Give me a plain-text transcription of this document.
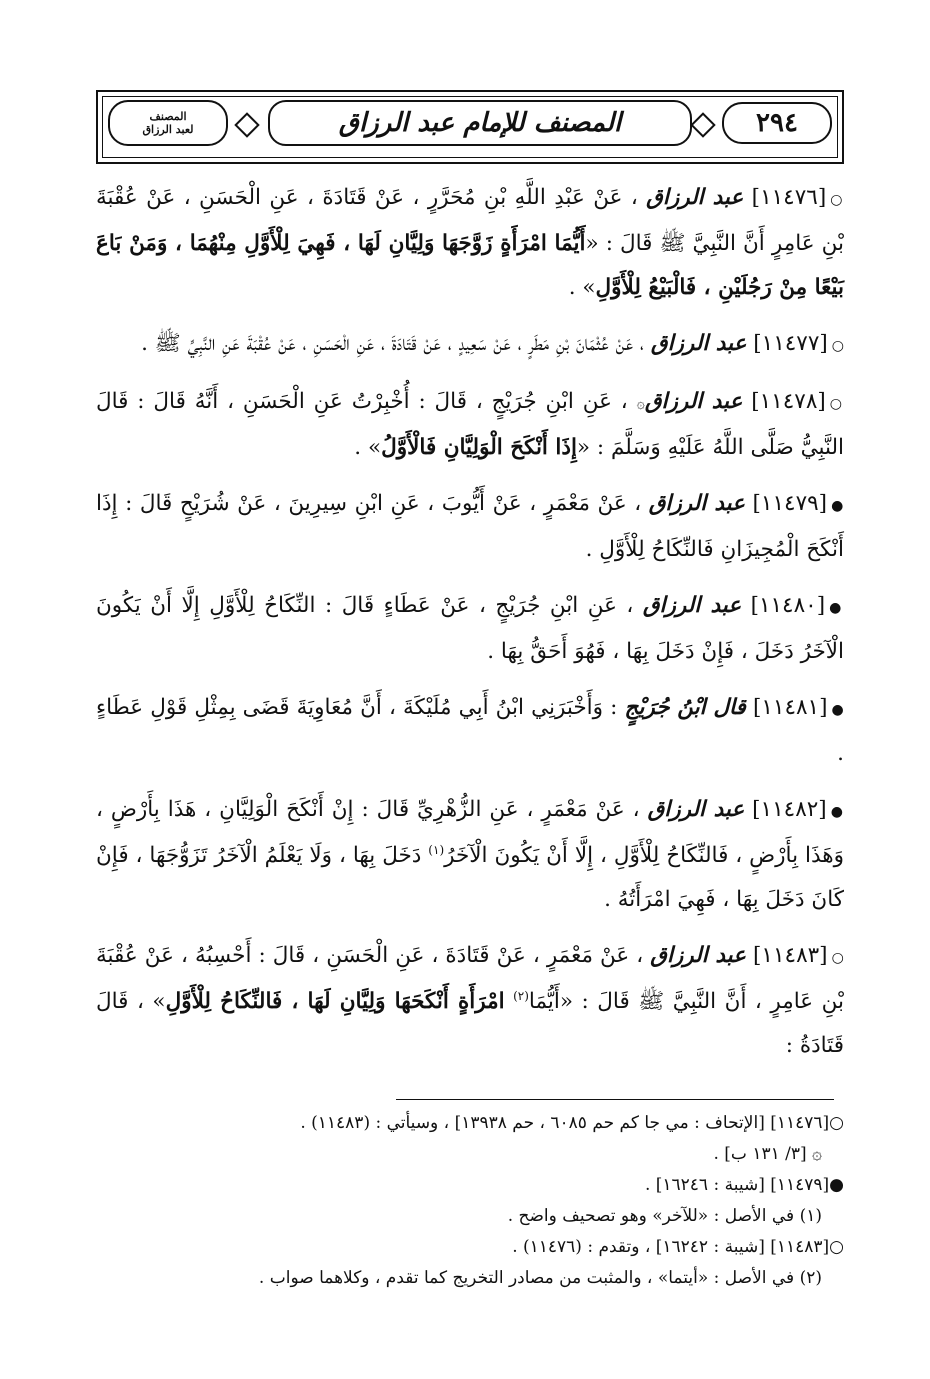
٢٩٤
المصنف للإمام عبد الرزاق
المصنف
لعبد الرزاق

○[١١٤٧٦] عبد الرزاق ، عَنْ عَبْدِ اللَّهِ بْنِ مُحَرَّرٍ ، عَنْ قَتَادَةَ ، عَنِ الْحَسَنِ ، عَنْ عُقْبَةَ بْنِ عَامِرٍ أَنَّ النَّبِيَّ ﷺ قَالَ : «أَيُّمَا امْرَأَةٍ زَوَّجَهَا وَلِيَّانِ لَهَا ، فَهِيَ لِلْأَوَّلِ مِنْهُمَا ، وَمَنْ بَاعَ بَيْعًا مِنْ رَجُلَيْنِ ، فَالْبَيْعُ لِلْأَوَّلِ» .

○[١١٤٧٧] عبد الرزاق ، عَنْ عُثْمَانَ بْنِ مَطَرٍ ، عَنْ سَعِيدٍ ، عَنْ قَتَادَةَ ، عَنِ الْحَسَنِ ، عَنْ عُقْبَةَ عَنِ النَّبِيِّ ﷺ .

○[١١٤٧٨] عبد الرزاق۞ ، عَنِ ابْنِ جُرَيْجٍ ، قَالَ : أُخْبِرْتُ عَنِ الْحَسَنِ ، أَنَّهُ قَالَ : قَالَ النَّبِيُّ صَلَّى اللَّهُ عَلَيْهِ وَسَلَّمَ : «إِذَا أَنْكَحَ الْوَلِيَّانِ فَالْأَوَّلُ» .

●[١١٤٧٩] عبد الرزاق ، عَنْ مَعْمَرٍ ، عَنْ أَيُّوبَ ، عَنِ ابْنِ سِيرِينَ ، عَنْ شُرَيْحٍ قَالَ : إِذَا أَنْكَحَ الْمُجِيزَانِ فَالنِّكَاحُ لِلْأَوَّلِ .

●[١١٤٨٠] عبد الرزاق ، عَنِ ابْنِ جُرَيْجٍ ، عَنْ عَطَاءٍ قَالَ : النِّكَاحُ لِلْأَوَّلِ إِلَّا أَنْ يَكُونَ الْآخَرُ دَخَلَ ، فَإِنْ دَخَلَ بِهَا ، فَهُوَ أَحَقُّ بِهَا .

●[١١٤٨١] قال ابْنُ جُرَيْجٍ : وَأَخْبَرَنِي ابْنُ أَبِي مُلَيْكَةَ ، أَنَّ مُعَاوِيَةَ قَضَى بِمِثْلِ قَوْلِ عَطَاءٍ .

●[١١٤٨٢] عبد الرزاق ، عَنْ مَعْمَرٍ ، عَنِ الزُّهْرِيِّ قَالَ : إِنْ أَنْكَحَ الْوَلِيَّانِ ، هَذَا بِأَرْضٍ ، وَهَذَا بِأَرْضٍ ، فَالنِّكَاحُ لِلْأَوَّلِ ، إِلَّا أَنْ يَكُونَ الْآخَرُ$^{(١)}$ دَخَلَ بِهَا ، وَلَا يَعْلَمُ الْآخَرُ تَزَوُّجَهَا ، فَإِنْ كَانَ دَخَلَ بِهَا ، فَهِيَ امْرَأَتُهُ .

○[١١٤٨٣] عبد الرزاق ، عَنْ مَعْمَرٍ ، عَنْ قَتَادَةَ ، عَنِ الْحَسَنِ ، قَالَ : أَحْسِبُهُ ، عَنْ عُقْبَةَ بْنِ عَامِرٍ ، أَنَّ النَّبِيَّ ﷺ قَالَ : «أَيُّمَا$^{(٢)}$ امْرَأَةٍ أَنْكَحَهَا وَلِيَّانِ لَهَا ، فَالنِّكَاحُ لِلْأَوَّلِ» ، قَالَ قَتَادَةُ :

○[١١٤٧٦] [الإتحاف : مي جا كم حم ٦٠٨٥ ، حم ١٣٩٣٨] ، وسيأتي : (١١٤٨٣) .
۞ [٣/ ١٣١ ب] .
●[١١٤٧٩] [شيبة : ١٦٢٤٦] .
(١) في الأصل : «للآخر» وهو تصحيف واضح .
○[١١٤٨٣] [شيبة : ١٦٢٤٢] ، وتقدم : (١١٤٧٦) .
(٢) في الأصل : «أيتما» ، والمثبت من مصادر التخريج كما تقدم ، وكلاهما صواب .
